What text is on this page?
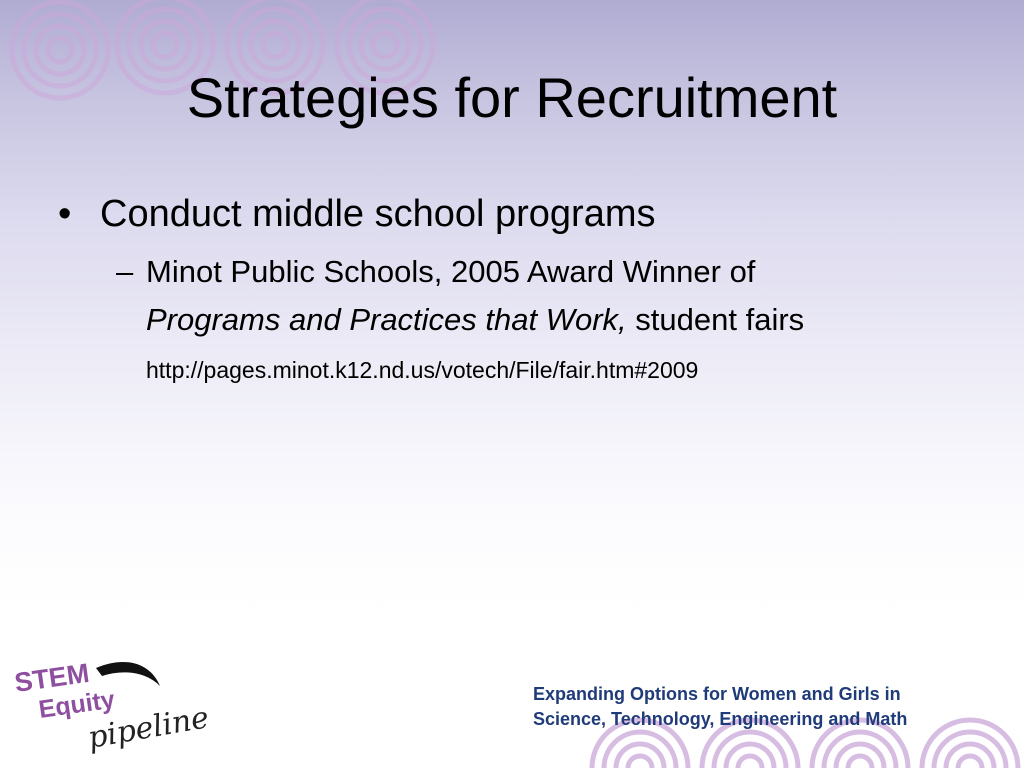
Strategies for Recruitment
• Conduct middle school programs
– Minot Public Schools, 2005 Award Winner of Programs and Practices that Work, student fairs http://pages.minot.k12.nd.us/votech/File/fair.htm#2009
STEM
Equity
pipeline
Expanding Options for Women and Girls in
Science, Technology, Engineering and Math
